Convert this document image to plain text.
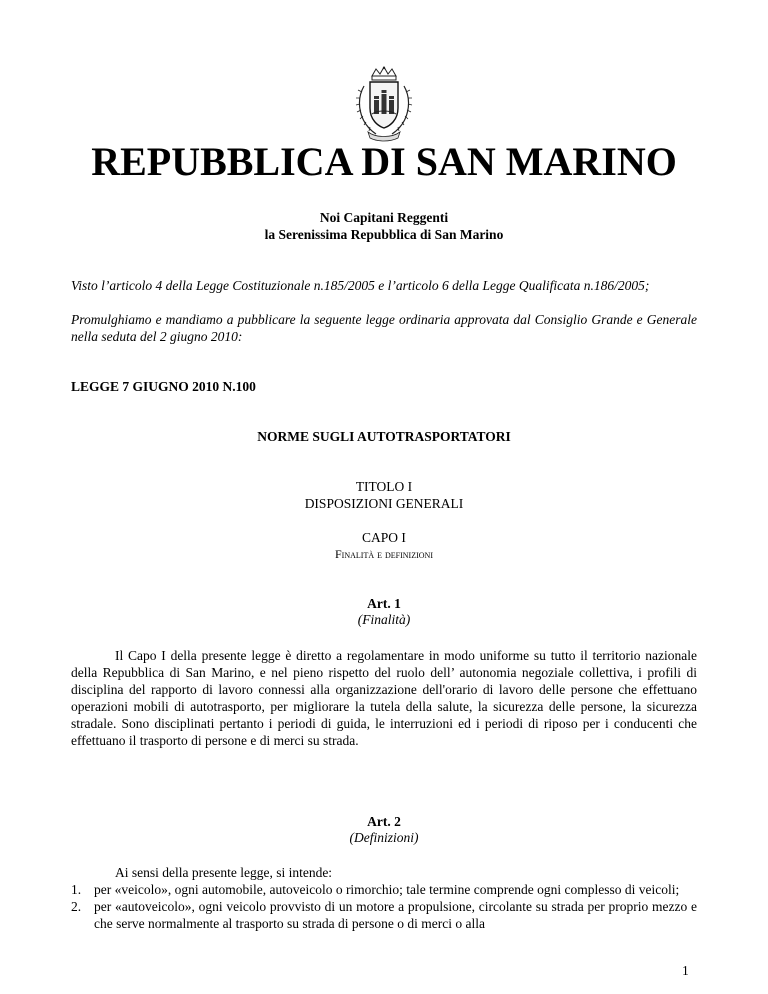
REPUBBLICA DI SAN MARINO
Noi Capitani Reggenti
la Serenissima Repubblica di San Marino
Visto l’articolo 4 della Legge Costituzionale n.185/2005 e l’articolo 6 della Legge Qualificata n.186/2005;
Promulghiamo e mandiamo a pubblicare la seguente legge ordinaria approvata dal Consiglio Grande e Generale nella seduta del 2 giugno 2010:
LEGGE 7 GIUGNO 2010 N.100
NORME SUGLI AUTOTRASPORTATORI
TITOLO I
DISPOSIZIONI GENERALI
CAPO I
Finalità e definizioni
Art. 1
(Finalità)
Il Capo I della presente legge è diretto a regolamentare in modo uniforme su tutto il territorio nazionale della Repubblica di San Marino, e nel pieno rispetto del ruolo dell’ autonomia negoziale collettiva, i profili di disciplina del rapporto di lavoro connessi alla organizzazione dell'orario di lavoro delle persone che effettuano operazioni mobili di autotrasporto, per migliorare la tutela della salute, la sicurezza delle persone, la sicurezza stradale. Sono disciplinati pertanto i periodi di guida, le interruzioni ed i periodi di riposo per i conducenti che effettuano il trasporto di persone e di merci su strada.
Art. 2
(Definizioni)
Ai sensi della presente legge, si intende:
1. per «veicolo», ogni automobile, autoveicolo o rimorchio; tale termine comprende ogni complesso di veicoli;
2. per «autoveicolo», ogni veicolo provvisto di un motore a propulsione, circolante su strada per proprio mezzo e che serve normalmente al trasporto su strada di persone o di merci o alla
1
